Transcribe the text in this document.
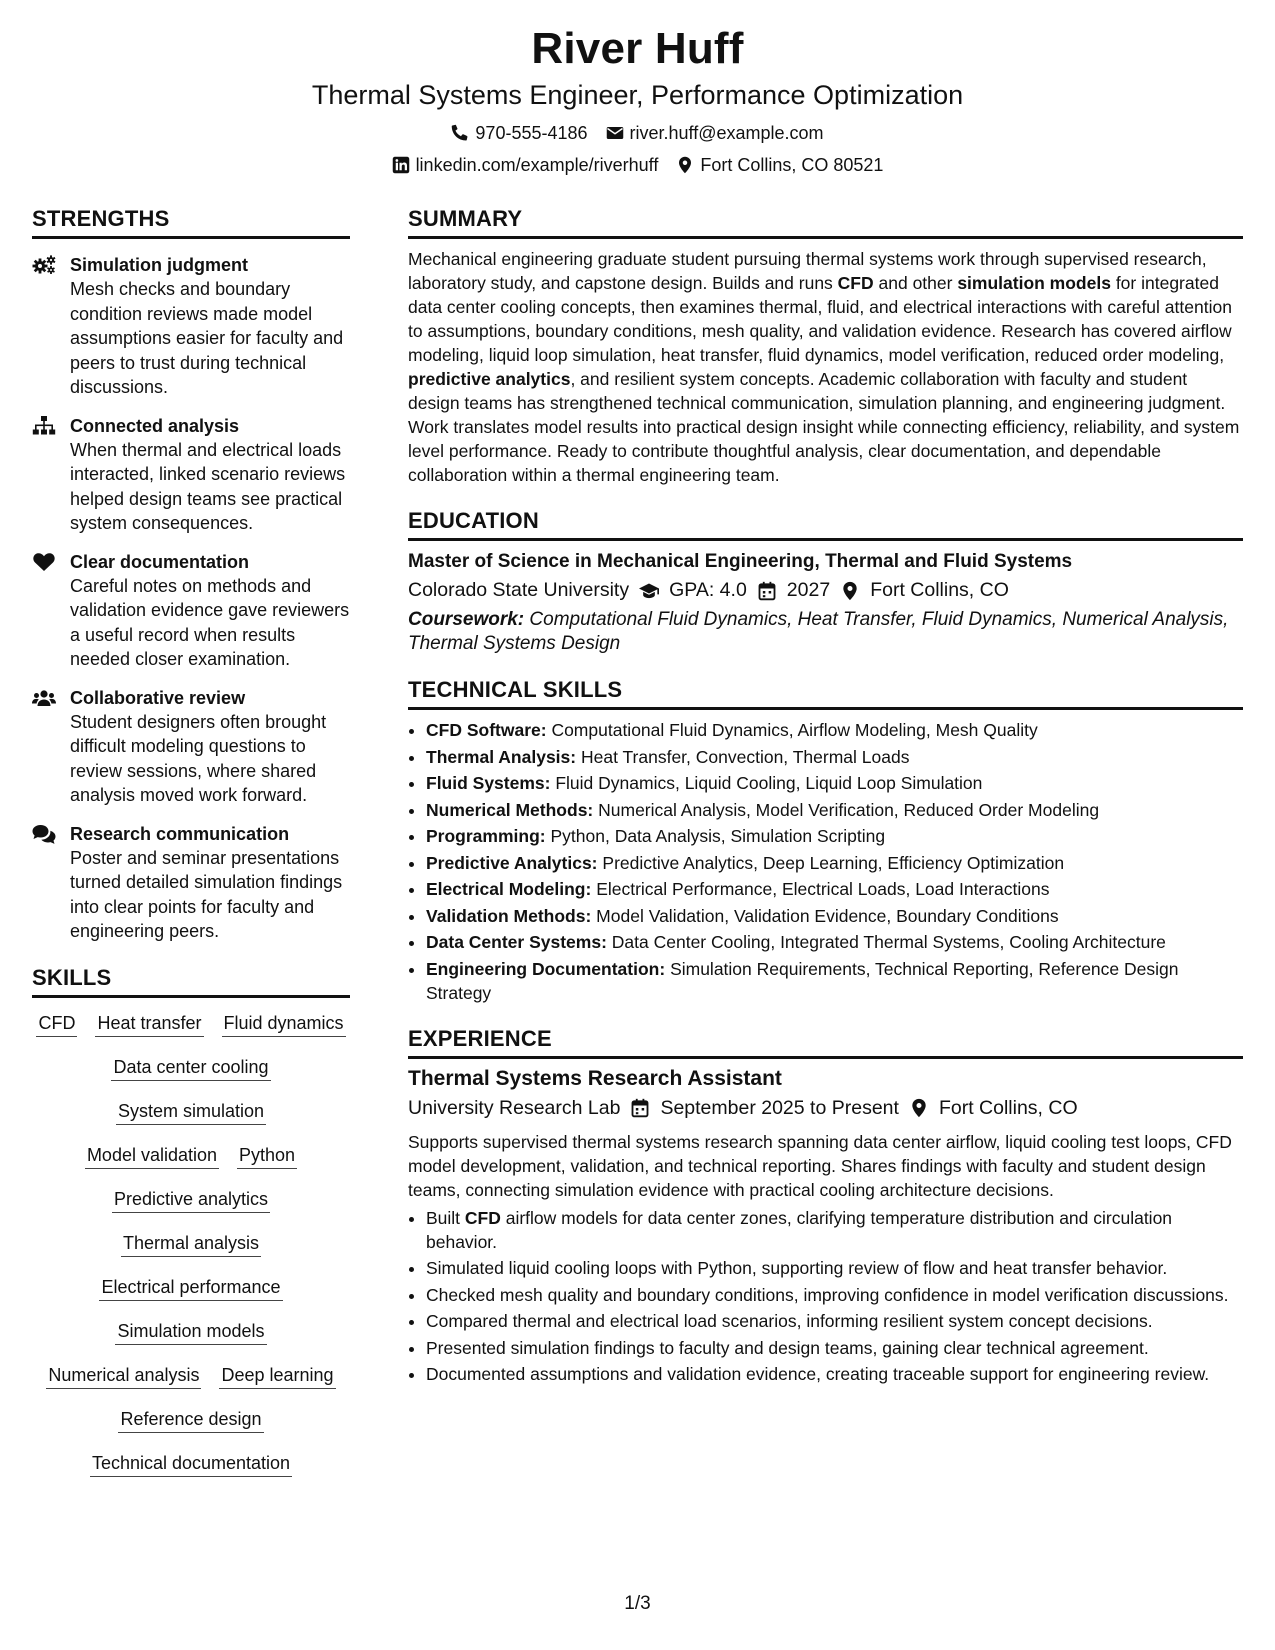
River Huff
Thermal Systems Engineer, Performance Optimization
970-555-4186 river.huff@example.com
linkedin.com/example/riverhuff Fort Collins, CO 80521
STRENGTHS
Simulation judgment
Mesh checks and boundary condition reviews made model assumptions easier for faculty and peers to trust during technical discussions.
Connected analysis
When thermal and electrical loads interacted, linked scenario reviews helped design teams see practical system consequences.
Clear documentation
Careful notes on methods and validation evidence gave reviewers a useful record when results needed closer examination.
Collaborative review
Student designers often brought difficult modeling questions to review sessions, where shared analysis moved work forward.
Research communication
Poster and seminar presentations turned detailed simulation findings into clear points for faculty and engineering peers.
SKILLS
CFD Heat transfer Fluid dynamics
Data center cooling
System simulation
Model validation Python
Predictive analytics
Thermal analysis
Electrical performance
Simulation models
Numerical analysis Deep learning
Reference design
Technical documentation
SUMMARY
Mechanical engineering graduate student pursuing thermal systems work through supervised research, laboratory study, and capstone design. Builds and runs CFD and other simulation models for integrated data center cooling concepts, then examines thermal, fluid, and electrical interactions with careful attention to assumptions, boundary conditions, mesh quality, and validation evidence. Research has covered airflow modeling, liquid loop simulation, heat transfer, fluid dynamics, model verification, reduced order modeling, predictive analytics, and resilient system concepts. Academic collaboration with faculty and student design teams has strengthened technical communication, simulation planning, and engineering judgment. Work translates model results into practical design insight while connecting efficiency, reliability, and system level performance. Ready to contribute thoughtful analysis, clear documentation, and dependable collaboration within a thermal engineering team.
EDUCATION
Master of Science in Mechanical Engineering, Thermal and Fluid Systems
Colorado State University GPA: 4.0 2027 Fort Collins, CO
Coursework: Computational Fluid Dynamics, Heat Transfer, Fluid Dynamics, Numerical Analysis, Thermal Systems Design
TECHNICAL SKILLS
• CFD Software: Computational Fluid Dynamics, Airflow Modeling, Mesh Quality
• Thermal Analysis: Heat Transfer, Convection, Thermal Loads
• Fluid Systems: Fluid Dynamics, Liquid Cooling, Liquid Loop Simulation
• Numerical Methods: Numerical Analysis, Model Verification, Reduced Order Modeling
• Programming: Python, Data Analysis, Simulation Scripting
• Predictive Analytics: Predictive Analytics, Deep Learning, Efficiency Optimization
• Electrical Modeling: Electrical Performance, Electrical Loads, Load Interactions
• Validation Methods: Model Validation, Validation Evidence, Boundary Conditions
• Data Center Systems: Data Center Cooling, Integrated Thermal Systems, Cooling Architecture
• Engineering Documentation: Simulation Requirements, Technical Reporting, Reference Design Strategy
EXPERIENCE
Thermal Systems Research Assistant
University Research Lab September 2025 to Present Fort Collins, CO
Supports supervised thermal systems research spanning data center airflow, liquid cooling test loops, CFD model development, validation, and technical reporting. Shares findings with faculty and student design teams, connecting simulation evidence with practical cooling architecture decisions.
• Built CFD airflow models for data center zones, clarifying temperature distribution and circulation behavior.
• Simulated liquid cooling loops with Python, supporting review of flow and heat transfer behavior.
• Checked mesh quality and boundary conditions, improving confidence in model verification discussions.
• Compared thermal and electrical load scenarios, informing resilient system concept decisions.
• Presented simulation findings to faculty and design teams, gaining clear technical agreement.
• Documented assumptions and validation evidence, creating traceable support for engineering review.
1/3
